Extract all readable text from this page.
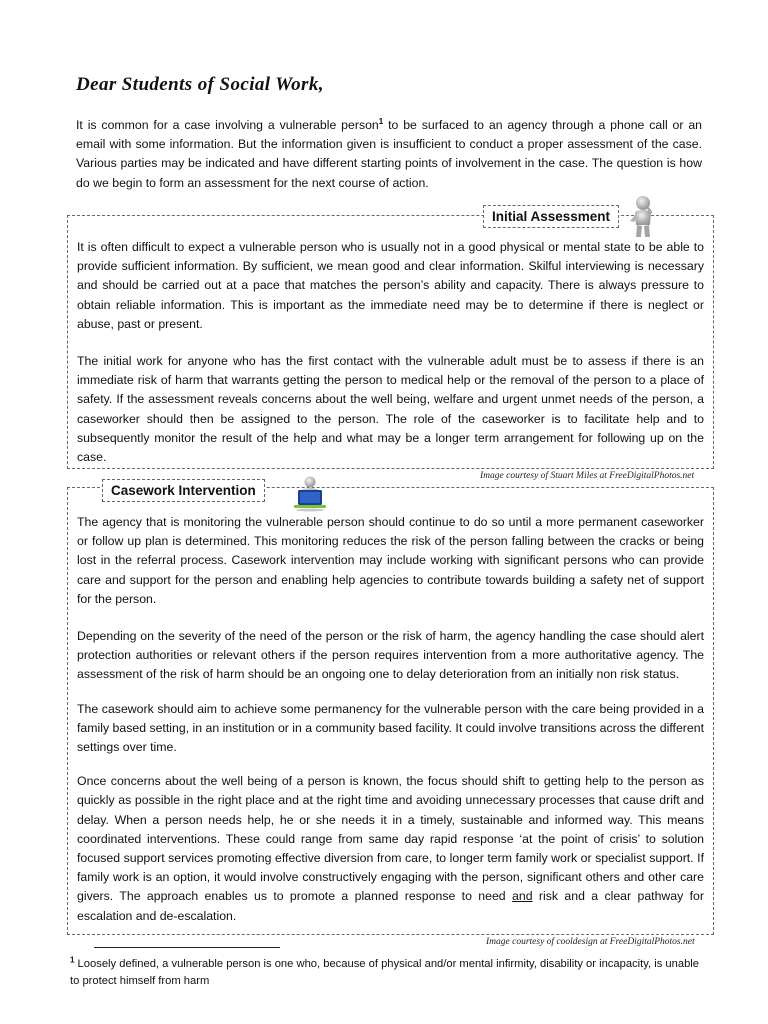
Dear Students of Social Work,

It is common for a case involving a vulnerable person$^1$ to be surfaced to an agency through a phone call or an email with some information. But the information given is insufficient to conduct a proper assessment of the case. Various parties may be indicated and have different starting points of involvement in the case. The question is how do we begin to form an assessment for the next course of action.

It is often difficult to expect a vulnerable person who is usually not in a good physical or mental state to be able to provide sufficient information. By sufficient, we mean good and clear information. Skilful interviewing is necessary and should be carried out at a pace that matches the person’s ability and capacity. There is always pressure to obtain reliable information. This is important as the immediate need may be to determine if there is neglect or abuse, past or present.

The initial work for anyone who has the first contact with the vulnerable adult must be to assess if there is an immediate risk of harm that warrants getting the person to medical help or the removal of the person to a place of safety. If the assessment reveals concerns about the well being, welfare and urgent unmet needs of the person, a caseworker should then be assigned to the person. The role of the caseworker is to facilitate help and to subsequently monitor the result of the help and what may be a longer term arrangement for following up on the case.

Initial Assessment
Image courtesy of Stuart Miles at FreeDigitalPhotos.net

The agency that is monitoring the vulnerable person should continue to do so until a more permanent caseworker or follow up plan is determined. This monitoring reduces the risk of the person falling between the cracks or being lost in the referral process. Casework intervention may include working with significant persons who can provide care and support for the person and enabling help agencies to contribute towards building a safety net of support for the person.

Depending on the severity of the need of the person or the risk of harm, the agency handling the case should alert protection authorities or relevant others if the person requires intervention from a more authoritative agency. The assessment of the risk of harm should be an ongoing one to delay deterioration from an initially non risk status.

The casework should aim to achieve some permanency for the vulnerable person with the care being provided in a family based setting, in an institution or in a community based facility. It could involve transitions across the different settings over time.

Once concerns about the well being of a person is known, the focus should shift to getting help to the person as quickly as possible in the right place and at the right time and avoiding unnecessary processes that cause drift and delay. When a person needs help, he or she needs it in a timely, sustainable and informed way. This means coordinated interventions. These could range from same day rapid response ‘at the point of crisis’ to solution focused support services promoting effective diversion from care, to longer term family work or specialist support. If family work is an option, it would involve constructively engaging with the person, significant others and other care givers. The approach enables us to promote a planned response to need and risk and a clear pathway for escalation and de-escalation.

Casework Intervention
Image courtesy of cooldesign at FreeDigitalPhotos.net
$^1$ Loosely defined, a vulnerable person is one who, because of physical and/or mental infirmity, disability or incapacity, is unable to protect himself from harm
